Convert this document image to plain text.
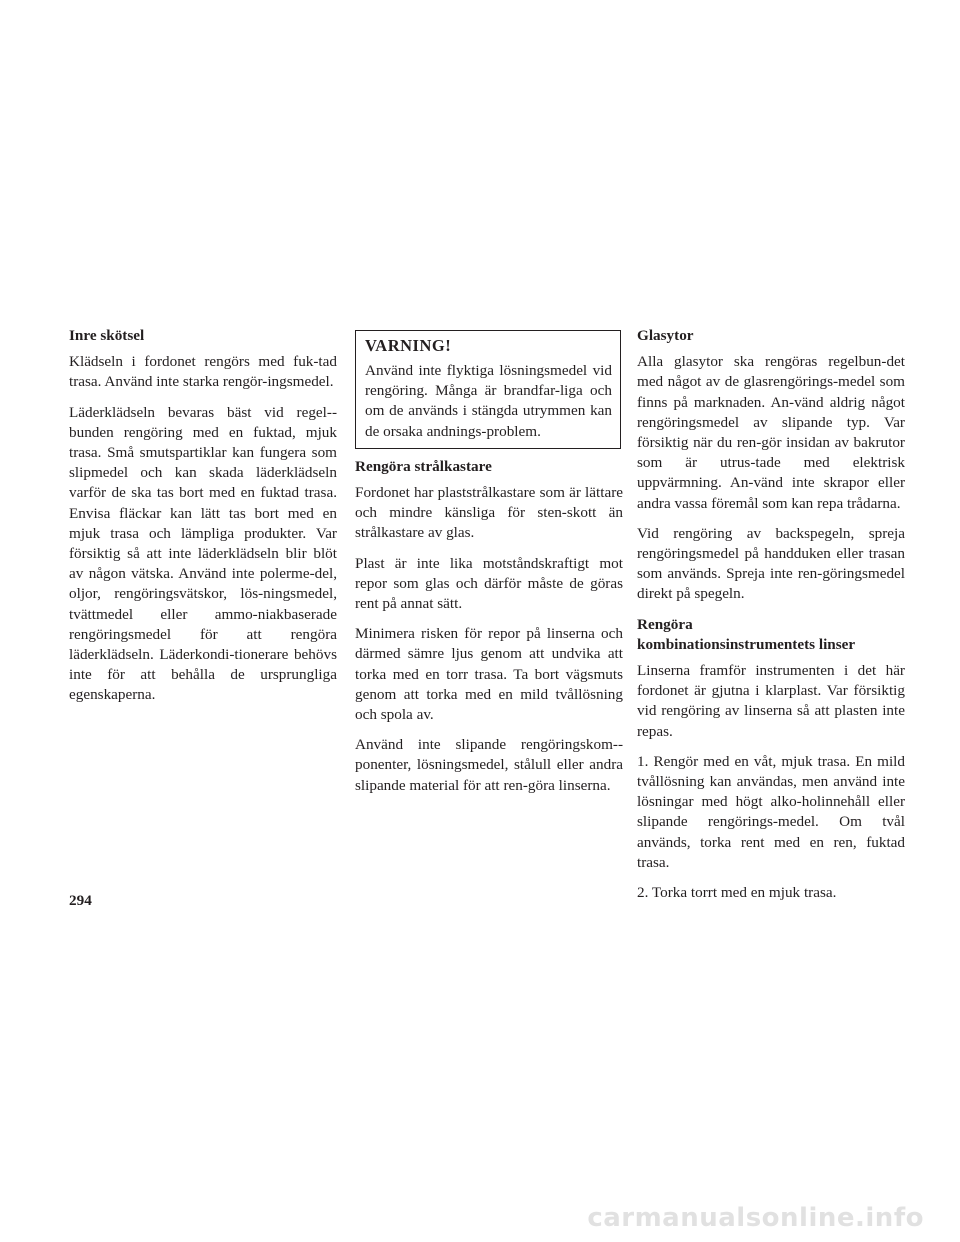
Inre skötsel

Klädseln i fordonet rengörs med fuk-tad trasa. Använd inte starka rengör-ingsmedel.

Läderklädseln bevaras bäst vid regel-bunden rengöring med en fuktad, mjuk trasa. Små smutspartiklar kan fungera som slipmedel och kan skada läderklädseln varför de ska tas bort med en fuktad trasa. Envisa fläckar kan lätt tas bort med en mjuk trasa och lämpliga produkter. Var försiktig så att inte läderklädseln blir blöt av någon vätska. Använd inte polerme-del, oljor, rengöringsvätskor, lös-ningsmedel, tvättmedel eller ammo-niakbaserade rengöringsmedel för att rengöra läderklädseln. Läderkondi-tionerare behövs inte för att behålla de ursprungliga egenskaperna.

VARNING!

Använd inte flyktiga lösningsmedel vid rengöring. Många är brandfar-liga och om de används i stängda utrymmen kan de orsaka andnings-problem.

Rengöra strålkastare

Fordonet har plaststrålkastare som är lättare och mindre känsliga för sten-skott än strålkastare av glas.

Plast är inte lika motståndskraftigt mot repor som glas och därför måste de göras rent på annat sätt.

Minimera risken för repor på linserna och därmed sämre ljus genom att undvika att torka med en torr trasa. Ta bort vägsmuts genom att torka med en mild tvållösning och spola av.

Använd inte slipande rengöringskom-ponenter, lösningsmedel, stålull eller andra slipande material för att ren-göra linserna.

Glasytor

Alla glasytor ska rengöras regelbun-det med något av de glasrengörings-medel som finns på marknaden. An-vänd aldrig något rengöringsmedel av slipande typ. Var försiktig när du ren-gör insidan av bakrutor som är utrus-tade med elektrisk uppvärmning. An-vänd inte skrapor eller andra vassa föremål som kan repa trådarna.

Vid rengöring av backspegeln, spreja rengöringsmedel på handduken eller trasan som används. Spreja inte ren-göringsmedel direkt på spegeln.

Rengöra
kombinationsinstrumentets linser

Linserna framför instrumenten i det här fordonet är gjutna i klarplast. Var försiktig vid rengöring av linserna så att plasten inte repas.

1. Rengör med en våt, mjuk trasa. En mild tvållösning kan användas, men använd inte lösningar med högt alko-holinnehåll eller slipande rengörings-medel. Om tvål används, torka rent med en ren, fuktad trasa.

2. Torka torrt med en mjuk trasa.

294
carmanualsonline.info
